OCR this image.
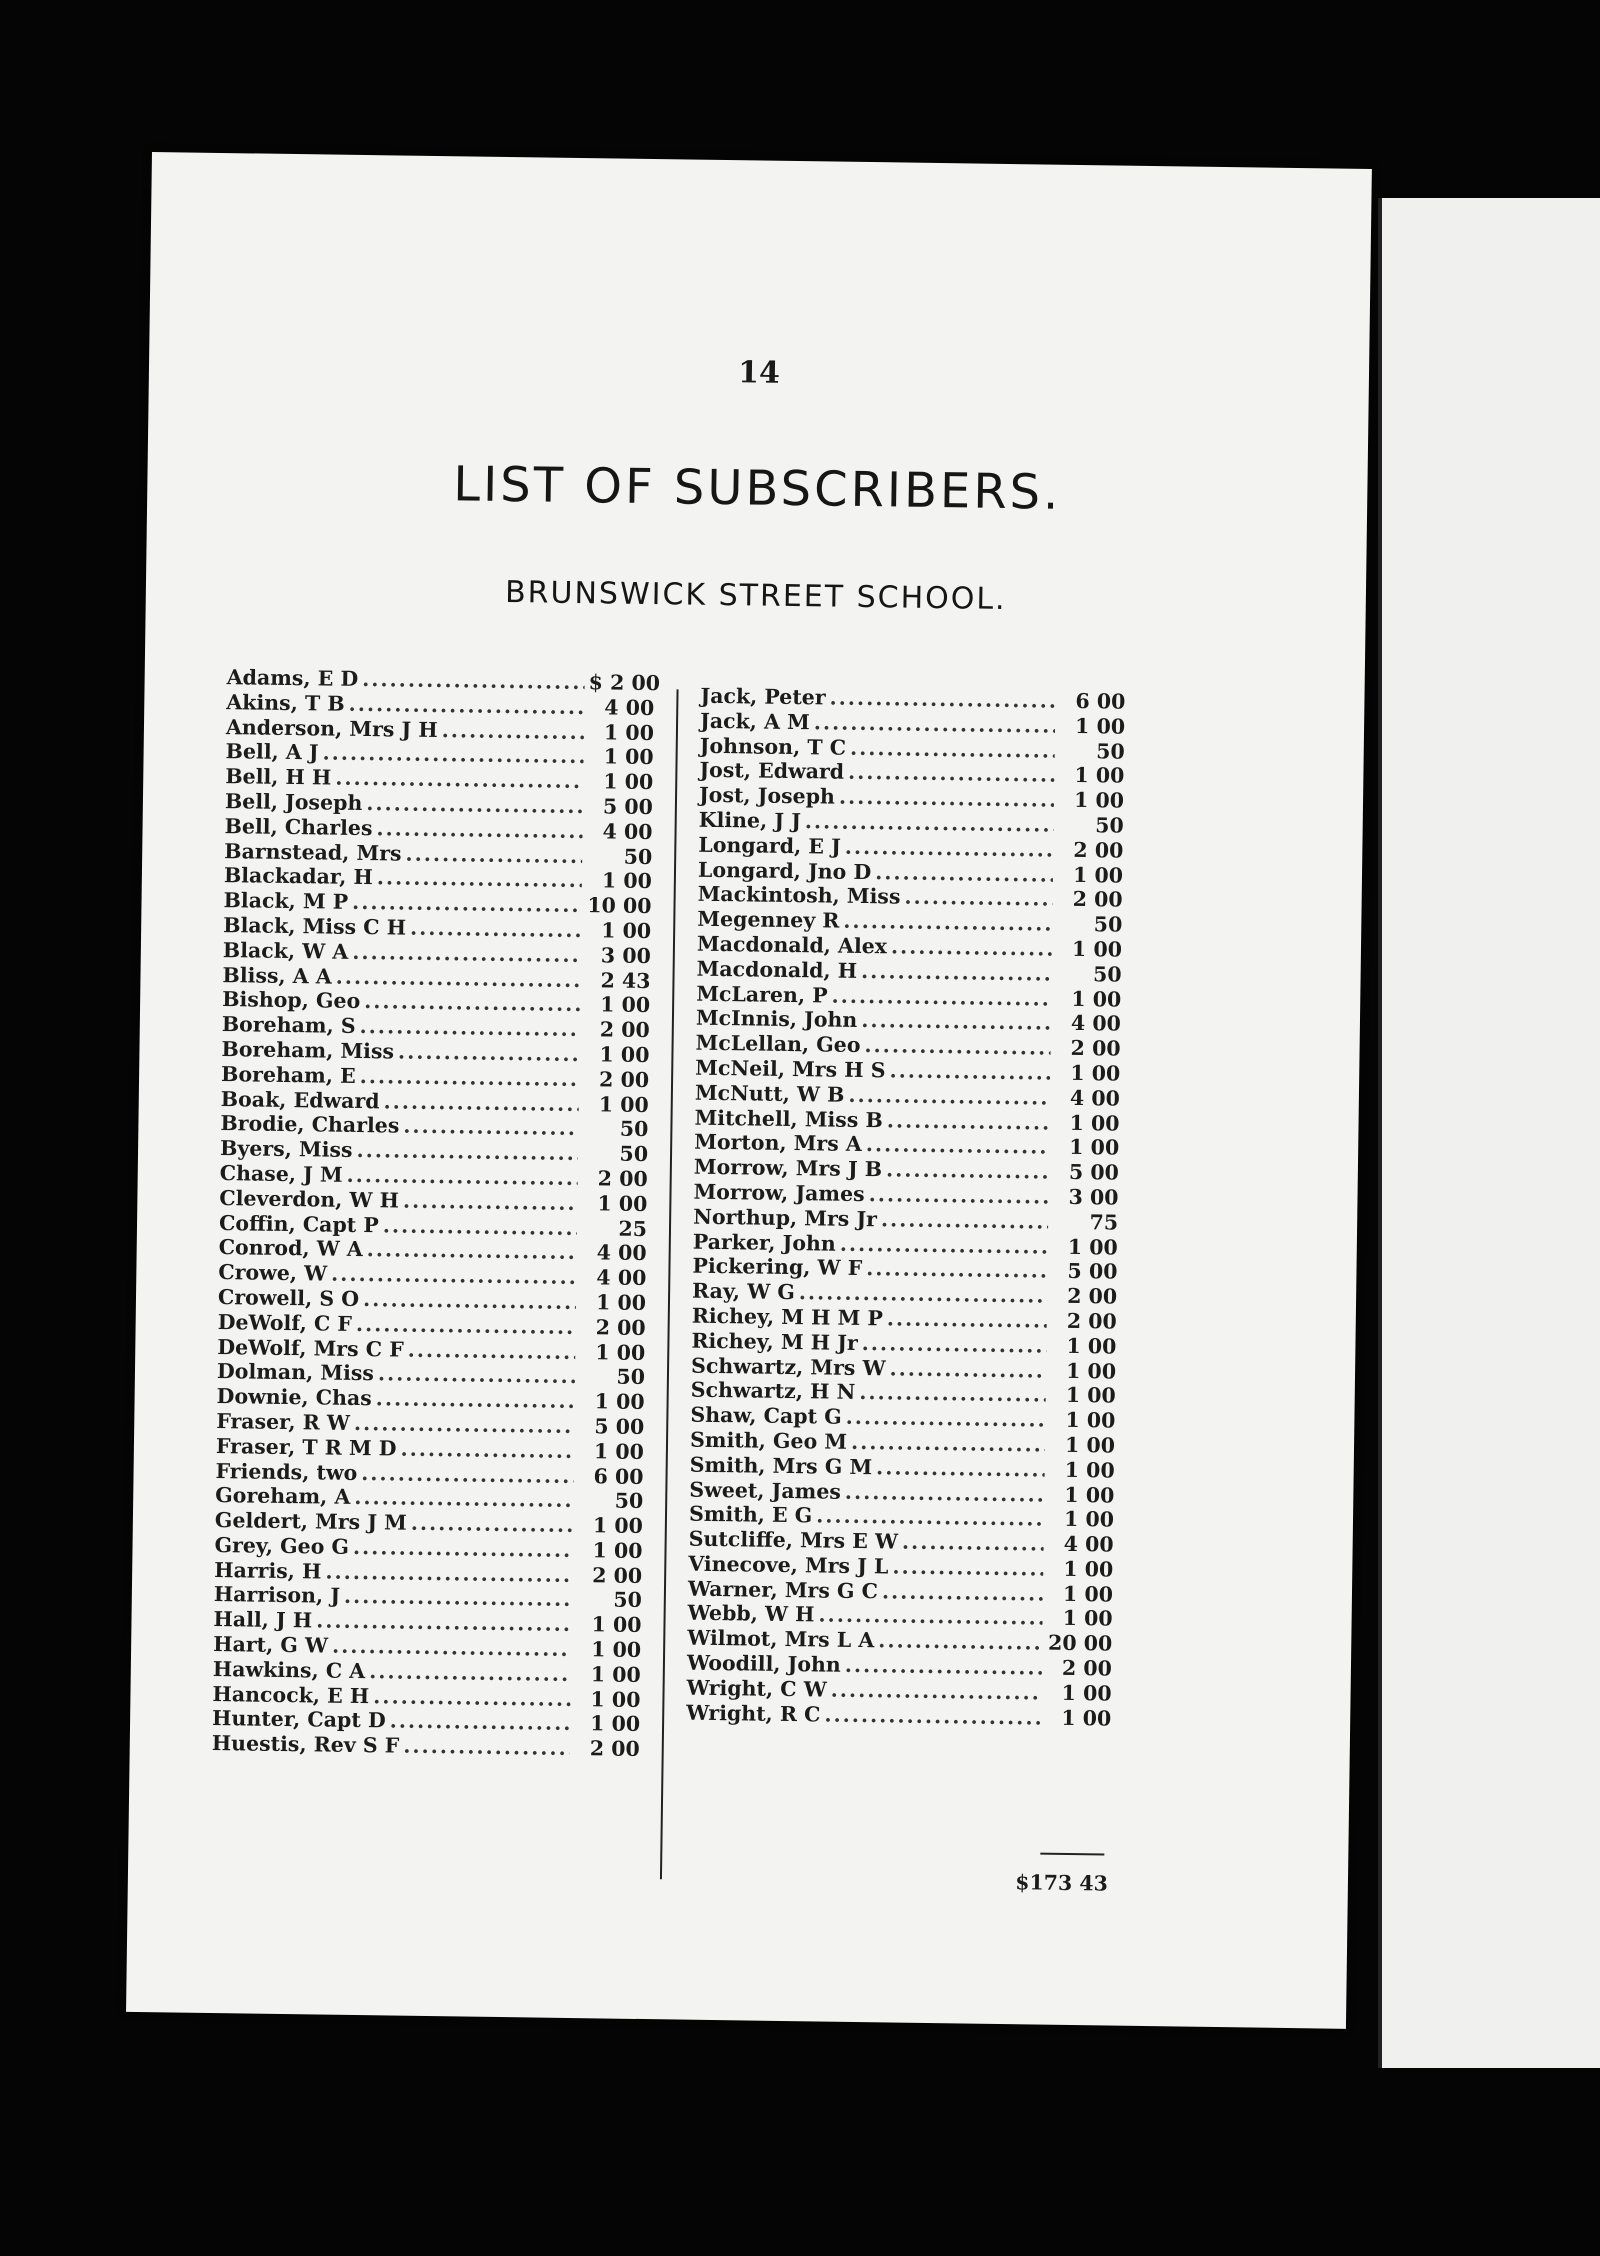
14
LIST OF SUBSCRIBERS.
BRUNSWICK STREET SCHOOL.
Adams, E D .....	$ 2 00
Akins, T B .....	4 00
Anderson, Mrs J H .....	1 00
Bell, A J .....	1 00
Bell, H H .....	1 00
Bell, Joseph .....	5 00
Bell, Charles .....	4 00
Barnstead, Mrs .....	50
Blackadar, H .....	1 00
Black, M P .....	10 00
Black, Miss C H .....	1 00
Black, W A .....	3 00
Bliss, A A .....	2 43
Bishop, Geo .....	1 00
Boreham, S .....	2 00
Boreham, Miss .....	1 00
Boreham, E .....	2 00
Boak, Edward .....	1 00
Brodie, Charles .....	50
Byers, Miss .....	50
Chase, J M .....	2 00
Cleverdon, W H .....	1 00
Coffin, Capt P .....	25
Conrod, W A .....	4 00
Crowe, W .....	4 00
Crowell, S O .....	1 00
DeWolf, C F .....	2 00
DeWolf, Mrs C F .....	1 00
Dolman, Miss .....	50
Downie, Chas .....	1 00
Fraser, R W .....	5 00
Fraser, T R M D .....	1 00
Friends, two .....	6 00
Goreham, A .....	50
Geldert, Mrs J M .....	1 00
Grey, Geo G .....	1 00
Harris, H .....	2 00
Harrison, J .....	50
Hall, J H .....	1 00
Hart, G W .....	1 00
Hawkins, C A .....	1 00
Hancock, E H .....	1 00
Hunter, Capt D .....	1 00
Huestis, Rev S F .....	2 00
Jack, Peter .....	6 00
Jack, A M .....	1 00
Johnson, T C .....	50
Jost, Edward .....	1 00
Jost, Joseph .....	1 00
Kline, J J .....	50
Longard, E J .....	2 00
Longard, Jno D .....	1 00
Mackintosh, Miss .....	2 00
Megenney R .....	50
Macdonald, Alex .....	1 00
Macdonald, H .....	50
McLaren, P .....	1 00
McInnis, John .....	4 00
McLellan, Geo .....	2 00
McNeil, Mrs H S .....	1 00
McNutt, W B .....	4 00
Mitchell, Miss B .....	1 00
Morton, Mrs A .....	1 00
Morrow, Mrs J B .....	5 00
Morrow, James .....	3 00
Northup, Mrs Jr .....	75
Parker, John .....	1 00
Pickering, W F .....	5 00
Ray, W G .....	2 00
Richey, M H M P .....	2 00
Richey, M H Jr .....	1 00
Schwartz, Mrs W .....	1 00
Schwartz, H N .....	1 00
Shaw, Capt G .....	1 00
Smith, Geo M .....	1 00
Smith, Mrs G M .....	1 00
Sweet, James .....	1 00
Smith, E G .....	1 00
Sutcliffe, Mrs E W .....	4 00
Vinecove, Mrs J L .....	1 00
Warner, Mrs G C .....	1 00
Webb, W H .....	1 00
Wilmot, Mrs L A .....	20 00
Woodill, John .....	2 00
Wright, C W .....	1 00
Wright, R C .....	1 00
$173 43
